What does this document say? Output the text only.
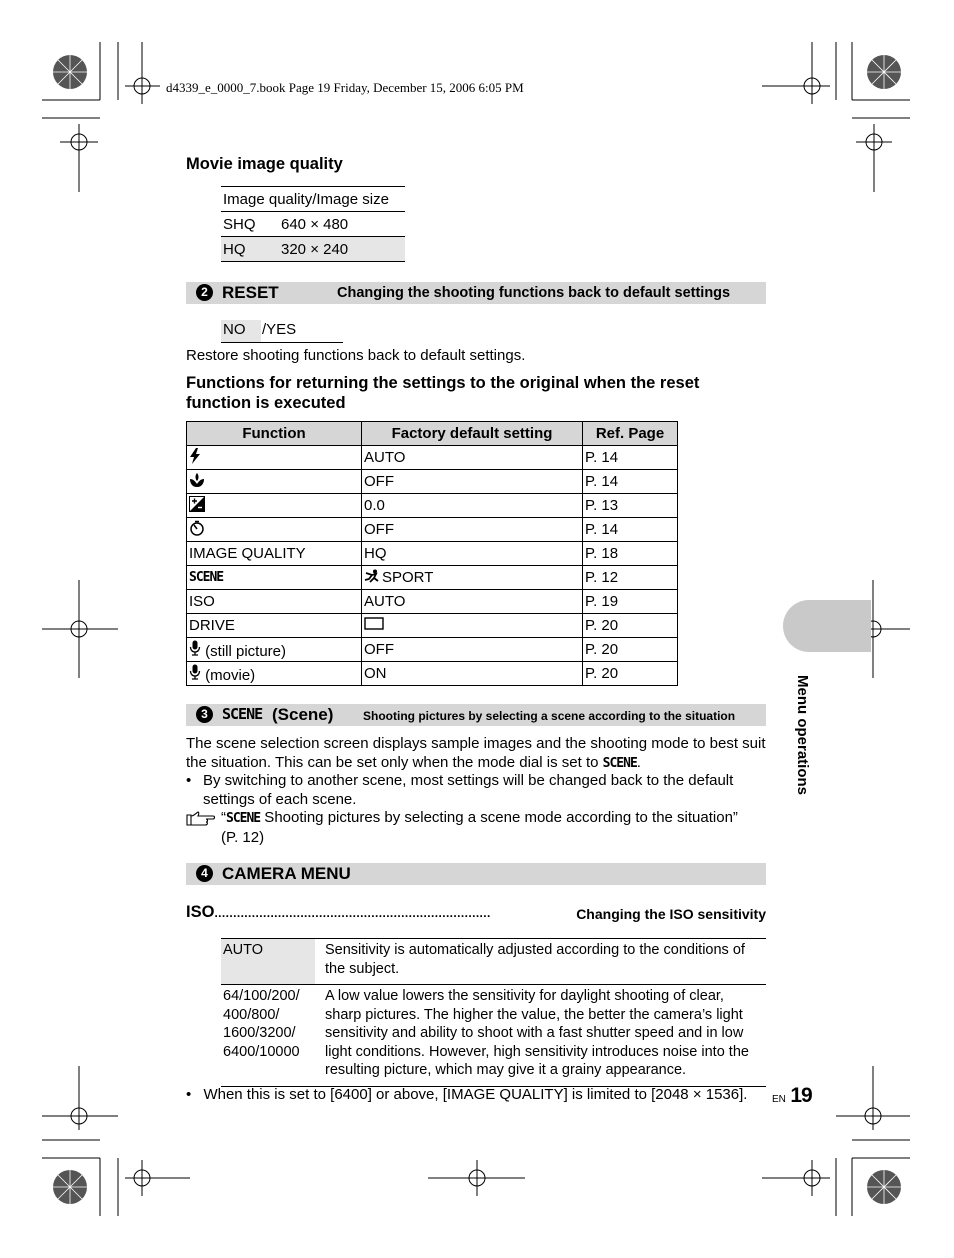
d4339_e_0000_7.book Page 19 Friday, December 15, 2006 6:05 PM
Movie image quality
Image quality/Image size	
SHQ	640 × 480
HQ	320 × 240
2 RESET	Changing the shooting functions back to default settings
NO /YES
Restore shooting functions back to default settings.
Functions for returning the settings to the original when the reset function is executed
Function	Factory default setting	Ref. Page
	AUTO	P. 14
	OFF	P. 14
	0.0	P. 13
	OFF	P. 14
IMAGE QUALITY	HQ	P. 18
SCENE	SPORT	P. 12
ISO	AUTO	P. 19
DRIVE		P. 20
(still picture)	OFF	P. 20
(movie)	ON	P. 20
3 SCENE (Scene) Shooting pictures by selecting a scene according to the situation
The scene selection screen displays sample images and the shooting mode to best suit the situation. This can be set only when the mode dial is set to SCENE.
• By switching to another scene, most settings will be changed back to the default settings of each scene.
“SCENE Shooting pictures by selecting a scene mode according to the situation” (P. 12)
4 CAMERA MENU
ISO..........................................................................	Changing the ISO sensitivity
AUTO	Sensitivity is automatically adjusted according to the conditions of the subject.
64/100/200/ 400/800/ 1600/3200/ 6400/10000	A low value lowers the sensitivity for daylight shooting of clear, sharp pictures. The higher the value, the better the camera’s light sensitivity and ability to shoot with a fast shutter speed and in low light conditions. However, high sensitivity introduces noise into the resulting picture, which may give it a grainy appearance.
• When this is set to [6400] or above, [IMAGE QUALITY] is limited to [2048 × 1536].	EN 19
Menu operations
